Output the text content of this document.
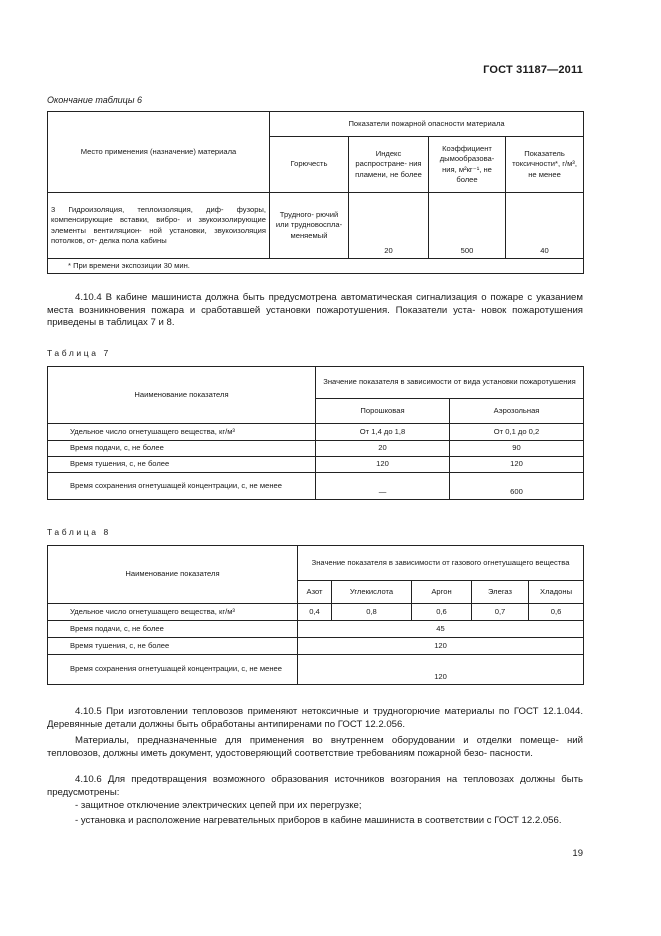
ГОСТ 31187—2011
Окончание таблицы 6
Место применения (назначение) материала	Показатели пожарной опасности материала			
	Горючесть	Индекс распростране- ния пламени, не более	Коэффициент дымообразова- ния, м²кг⁻¹, не более	Показатель токсичности*, г/м³, не менее
3 Гидроизоляция, теплоизоляция, диф- фузоры, компенсирующие вставки, вибро- и звукоизолирующие элементы вентиляцион- ной установки, звукоизоляция потолков, от- делка пола кабины	Трудного- рючий или трудновоспла- меняемый	20	500	40
* При времени экспозиции 30 мин.				
4.10.4 В кабине машиниста должна быть предусмотрена автоматическая сигнализация о пожаре с указанием места возникновения пожара и сработавшей установки пожаротушения. Показатели уста- новок пожаротушения приведены в таблицах 7 и 8.
Таблица 7
Наименование показателя	Значение показателя в зависимости от вида установки пожаротушения	
	Порошковая	Аэрозольная
Удельное число огнетушащего вещества, кг/м³	От 1,4 до 1,8	От 0,1 до 0,2
Время подачи, с, не более	20	90
Время тушения, с, не более	120	120
Время сохранения огнетушащей концентрации, с, не менее	—	600
Таблица 8
Наименование показателя	Значение показателя в зависимости от газового огнетушащего вещества				
	Азот	Углекислота	Аргон	Элегаз	Хладоны
Удельное число огнетушащего вещества, кг/м³	0,4	0,8	0,6	0,7	0,6
Время подачи, с, не более	45				
Время тушения, с, не более	120				
Время сохранения огнетушащей концентрации, с, не менее	120				
4.10.5 При изготовлении тепловозов применяют нетоксичные и трудногорючие материалы по ГОСТ 12.1.044. Деревянные детали должны быть обработаны антипиренами по ГОСТ 12.2.056.
Материалы, предназначенные для применения во внутреннем оборудовании и отделки помеще- ний тепловозов, должны иметь документ, удостоверяющий соответствие требованиям пожарной безо- пасности.
4.10.6 Для предотвращения возможного образования источников возгорания на тепловозах должны быть предусмотрены:
- защитное отключение электрических цепей при их перегрузке;
- установка и расположение нагревательных приборов в кабине машиниста в соответствии с ГОСТ 12.2.056.
19
